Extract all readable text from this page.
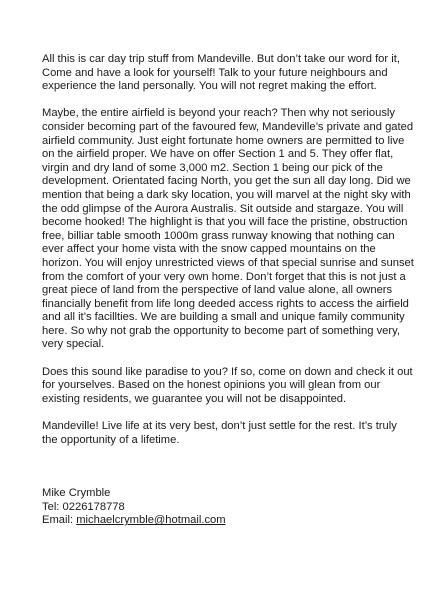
All this is car day trip stuff from Mandeville. But don’t take our word for it, Come and have a look for yourself! Talk to your future neighbours and experience the land personally. You will not regret making the effort.

Maybe, the entire airfield is beyond your reach? Then why not seriously consider becoming part of the favoured few, Mandeville’s private and gated airfield community. Just eight fortunate home owners are permitted to live on the airfield proper. We have on offer Section 1 and 5. They offer flat, virgin and dry land of some 3,000 m2. Section 1 being our pick of the development. Orientated facing North, you get the sun all day long. Did we mention that being a dark sky location, you will marvel at the night sky with the odd glimpse of the Aurora Australis. Sit outside and stargaze. You will become hooked! The highlight is that you will face the pristine, obstruction free, billiar table smooth 1000m grass runway knowing that nothing can ever affect your home vista with the snow capped mountains on the horizon. You will enjoy unrestricted views of that special sunrise and sunset from the comfort of your very own home. Don’t forget that this is not just a great piece of land from the perspective of land value alone, all owners financially benefit from life long deeded access rights to access the airfield and all it’s facillties. We are building a small and unique family community here. So why not grab the opportunity to become part of something very, very special.

Does this sound like paradise to you? If so, come on down and check it out for yourselves. Based on the honest opinions you will glean from our existing residents, we guarantee you will not be disappointed.

Mandeville! Live life at its very best, don’t just settle for the rest. It’s truly the opportunity of a lifetime.

Mike Crymble
Tel: 0226178778
Email: michaelcrymble@hotmail.com
